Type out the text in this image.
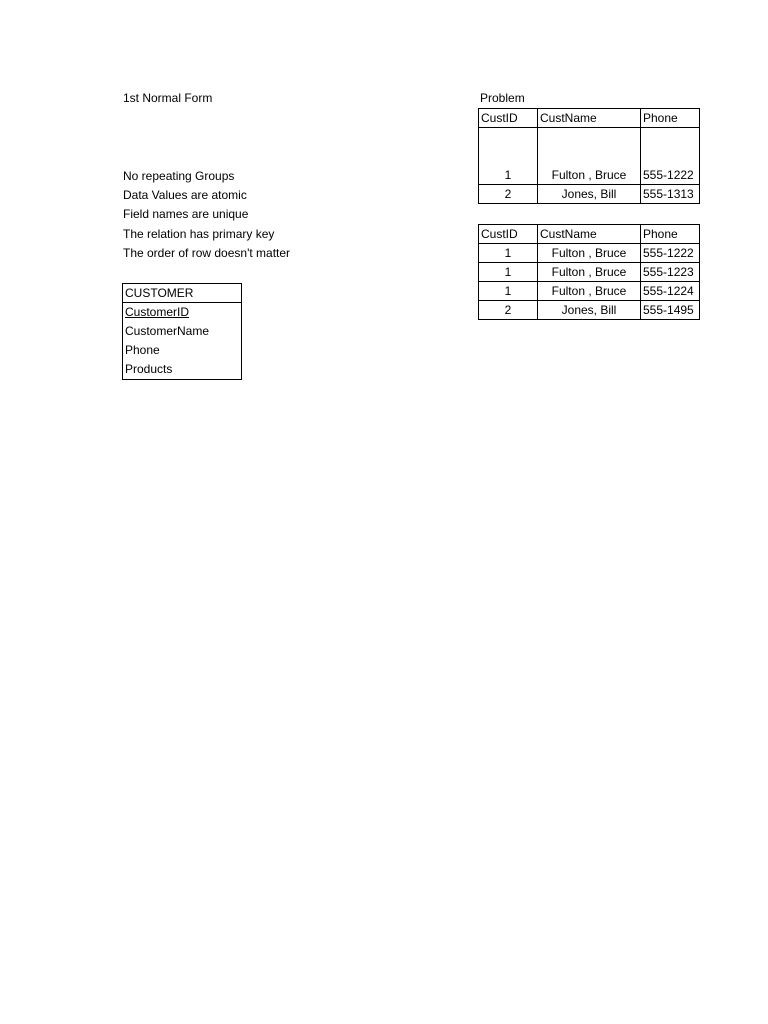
1st Normal Form	Problem
No repeating Groups
Data Values are atomic
Field names are unique
The relation has primary key
The order of row doesn't matter
CustID	CustName	Phone
1	Fulton , Bruce	555-1222
2	Jones, Bill	555-1313
CustID	CustName	Phone
1	Fulton , Bruce	555-1222
1	Fulton , Bruce	555-1223
1	Fulton , Bruce	555-1224
2	Jones, Bill	555-1495
CUSTOMER
CustomerID
CustomerName
Phone
Products
